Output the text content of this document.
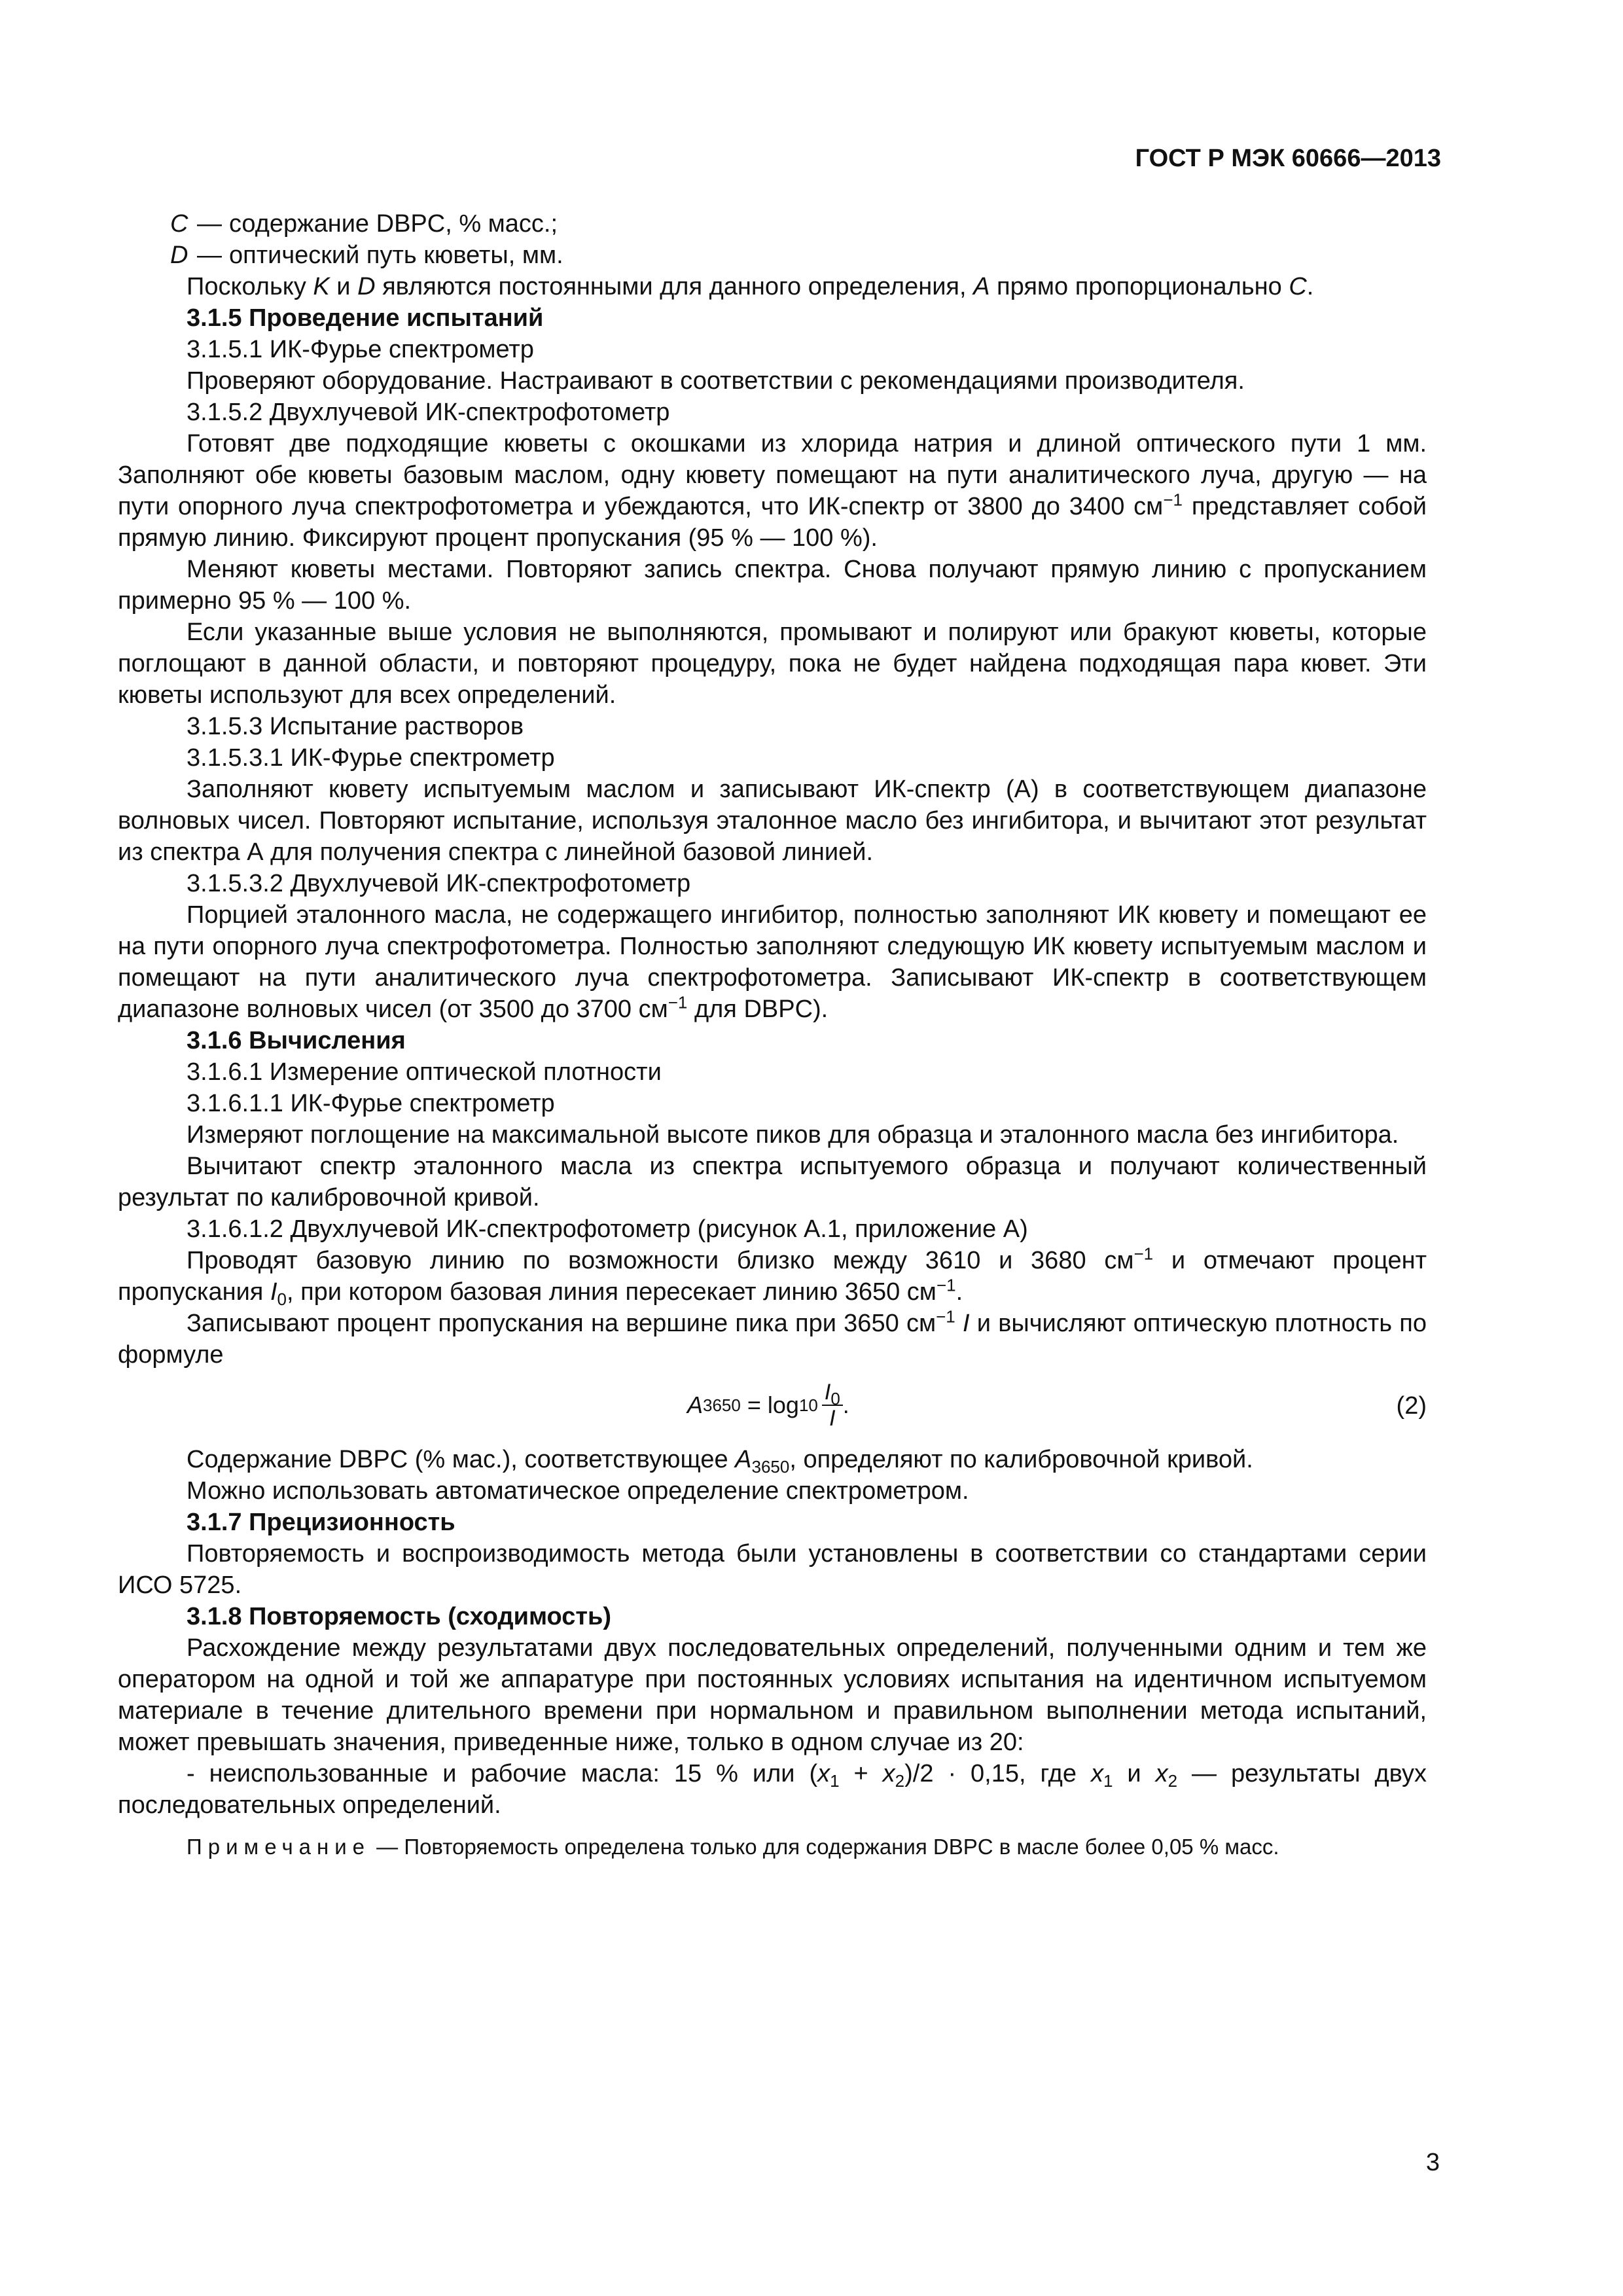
ГОСТ Р МЭК 60666—2013
C — содержание DBPC, % масс.;
D — оптический путь кюветы, мм.

Поскольку K и D являются постоянными для данного определения, A прямо пропорционально C.

3.1.5 Проведение испытаний

3.1.5.1 ИК-Фурье спектрометр

Проверяют оборудование. Настраивают в соответствии с рекомендациями производителя.

3.1.5.2 Двухлучевой ИК-спектрофотометр

Готовят две подходящие кюветы с окошками из хлорида натрия и длиной оптического пути 1 мм. Заполняют обе кюветы базовым маслом, одну кювету помещают на пути аналитического луча, другую — на пути опорного луча спектрофотометра и убеждаются, что ИК-спектр от 3800 до 3400 $см^{-1}$ представляет собой прямую линию. Фиксируют процент пропускания (95 % — 100 %).

Меняют кюветы местами. Повторяют запись спектра. Снова получают прямую линию с пропусканием примерно 95 % — 100 %.

Если указанные выше условия не выполняются, промывают и полируют или бракуют кюветы, которые поглощают в данной области, и повторяют процедуру, пока не будет найдена подходящая пара кювет. Эти кюветы используют для всех определений.

3.1.5.3 Испытание растворов

3.1.5.3.1 ИК-Фурье спектрометр

Заполняют кювету испытуемым маслом и записывают ИК-спектр (А) в соответствующем диапазоне волновых чисел. Повторяют испытание, используя эталонное масло без ингибитора, и вычитают этот результат из спектра А для получения спектра с линейной базовой линией.

3.1.5.3.2 Двухлучевой ИК-спектрофотометр

Порцией эталонного масла, не содержащего ингибитор, полностью заполняют ИК кювету и помещают ее на пути опорного луча спектрофотометра. Полностью заполняют следующую ИК кювету испытуемым маслом и помещают на пути аналитического луча спектрофотометра. Записывают ИК-спектр в соответствующем диапазоне волновых чисел (от 3500 до 3700 $см^{-1}$ для DBPC).

3.1.6 Вычисления

3.1.6.1 Измерение оптической плотности

3.1.6.1.1 ИК-Фурье спектрометр

Измеряют поглощение на максимальной высоте пиков для образца и эталонного масла без ингибитора.

Вычитают спектр эталонного масла из спектра испытуемого образца и получают количественный результат по калибровочной кривой.

3.1.6.1.2 Двухлучевой ИК-спектрофотометр (рисунок А.1, приложение А)

Проводят базовую линию по возможности близко между 3610 и 3680 $см^{-1}$ и отмечают процент пропускания $I_0$, при котором базовая линия пересекает линию 3650 $см^{-1}$.

Записывают процент пропускания на вершине пика при 3650 $см^{-1}$ I и вычисляют оптическую плотность по формуле

A $3650 = \log 10 \frac{I_0}{I}$ .	(2)

Содержание DBPC (% мас.), соответствующее $A_{3650}$, определяют по калибровочной кривой.

Можно использовать автоматическое определение спектрометром.

3.1.7 Прецизионность

Повторяемость и воспроизводимость метода были установлены в соответствии со стандартами серии ИСО 5725.

3.1.8 Повторяемость (сходимость)

Расхождение между результатами двух последовательных определений, полученными одним и тем же оператором на одной и той же аппаратуре при постоянных условиях испытания на идентичном испытуемом материале в течение длительного времени при нормальном и правильном выполнении метода испытаний, может превышать значения, приведенные ниже, только в одном случае из 20:

- неиспользованные и рабочие масла: 15 % или $(x_1 + x_2)/2 \cdot 0,15$, где $x_1$ и $x_2$ — результаты двух последовательных определений.

Примечание — Повторяемость определена только для содержания DBPC в масле более 0,05 % масс.

3
